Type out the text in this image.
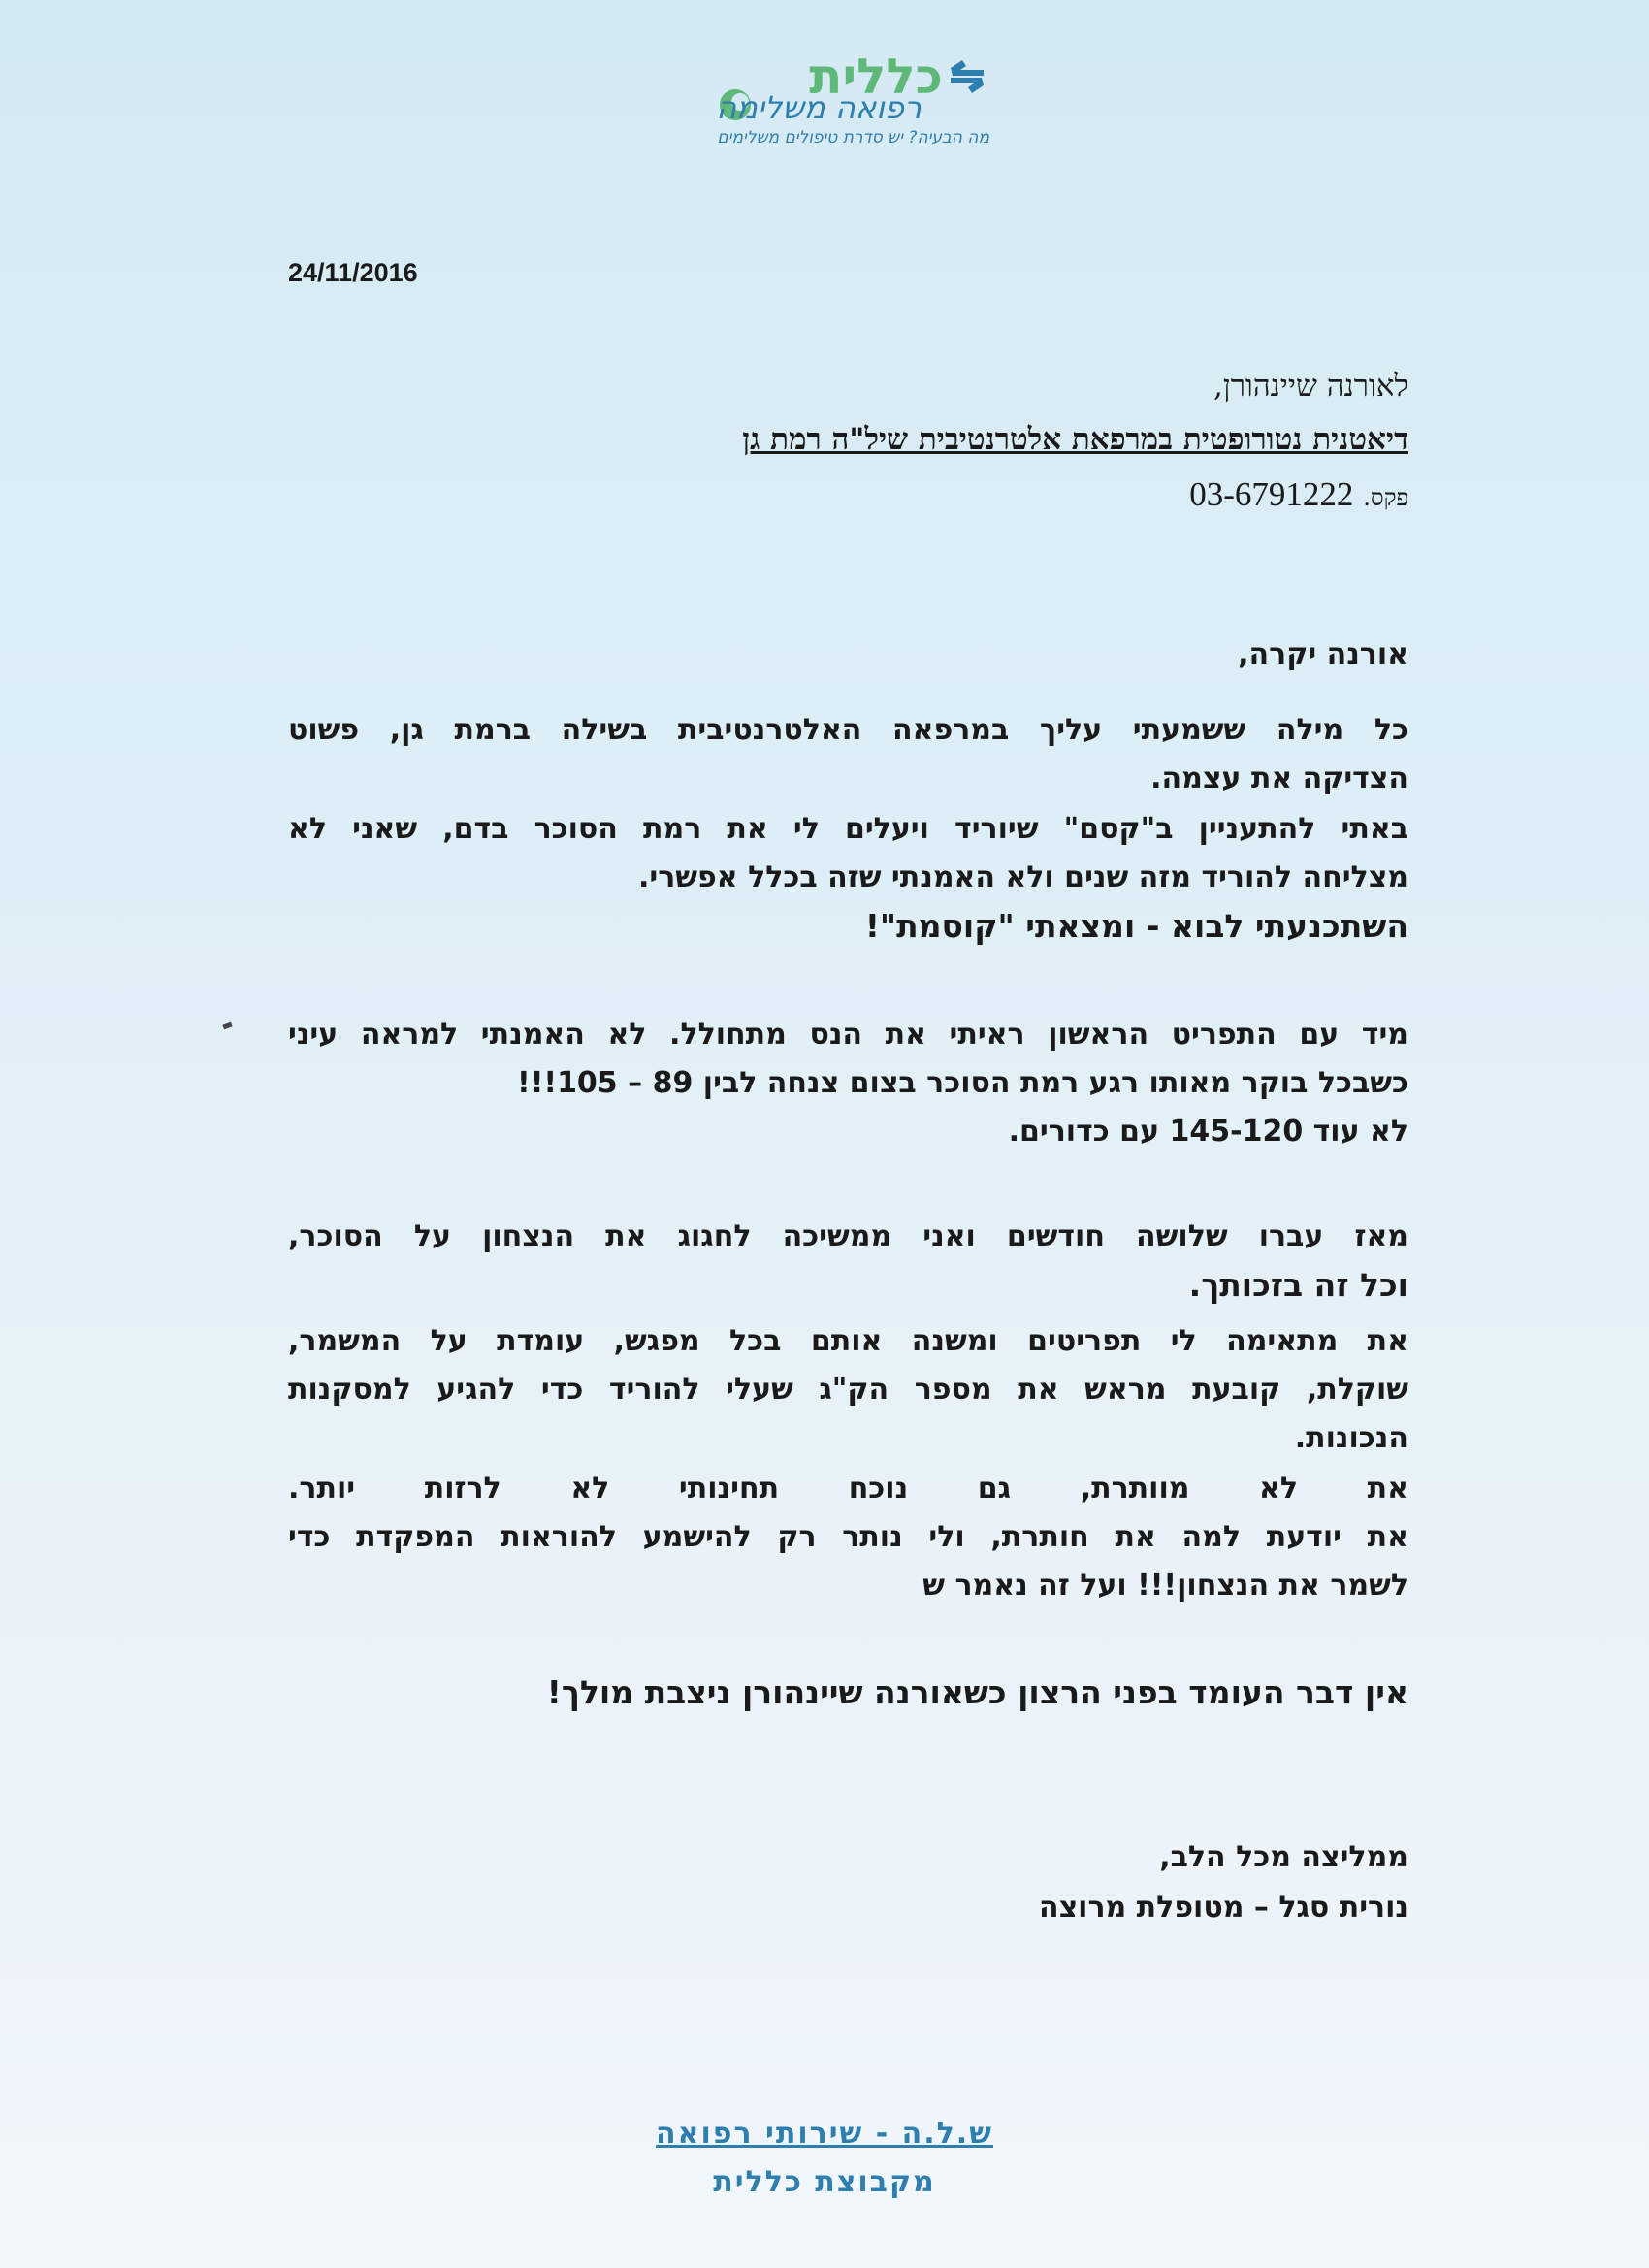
כללית
רפואה משלימה
מה הבעיה? יש סדרת טיפולים משלימים
24/11/2016
לאורנה שיינהורן,
דיאטנית נטורופטית במרפאת אלטרנטיבית שיל"ה רמת גן
פקס. 03-6791222
אורנה יקרה,
כל מילה ששמעתי עליך במרפאה האלטרנטיבית בשילה ברמת גן, פשוט
הצדיקה את עצמה.
באתי להתעניין ב"קסם" שיוריד ויעלים לי את רמת הסוכר בדם, שאני לא
מצליחה להוריד מזה שנים ולא האמנתי שזה בכלל אפשרי.
השתכנעתי לבוא - ומצאתי "קוסמת"!
מיד עם התפריט הראשון ראיתי את הנס מתחולל. לא האמנתי למראה עיני
כשבכל בוקר מאותו רגע רמת הסוכר בצום צנחה לבין 89 – 105!!!
לא עוד 145-120 עם כדורים.
מאז עברו שלושה חודשים ואני ממשיכה לחגוג את הנצחון על הסוכר,
וכל זה בזכותך.
את מתאימה לי תפריטים ומשנה אותם בכל מפגש, עומדת על המשמר,
שוקלת, קובעת מראש את מספר הק"ג שעלי להוריד כדי להגיע למסקנות
הנכונות.
את לא מוותרת, גם נוכח תחינותי לא לרזות יותר.
את יודעת למה את חותרת, ולי נותר רק להישמע להוראות המפקדת כדי
לשמר את הנצחון!!! ועל זה נאמר ש
אין דבר העומד בפני הרצון כשאורנה שיינהורן ניצבת מולך!
ממליצה מכל הלב,
נורית סגל – מטופלת מרוצה
ש.ל.ה - שירותי רפואה
מקבוצת כללית
